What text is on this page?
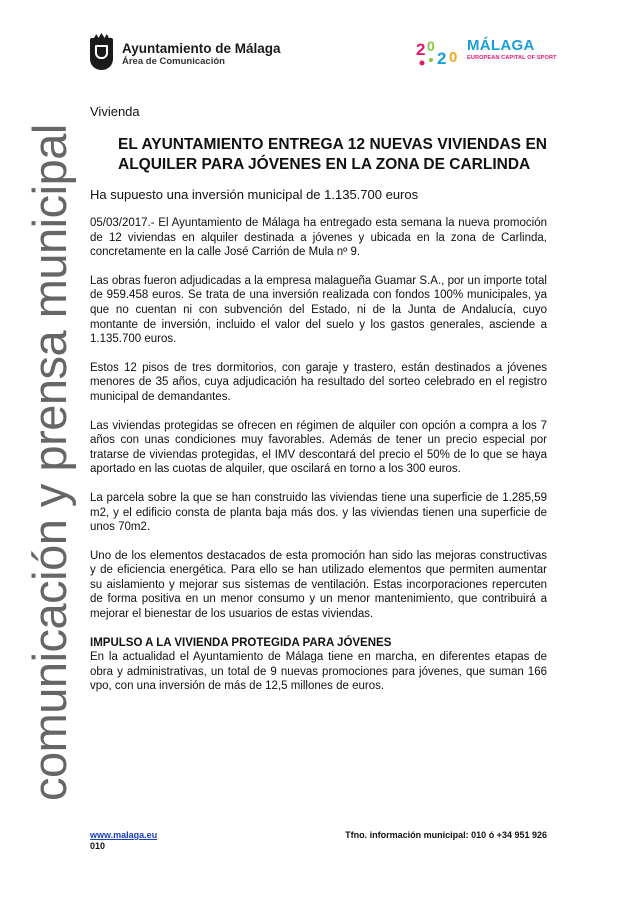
Ayuntamiento de Málaga
Área de Comunicación
2 0
2 0
MÁLAGA
EUROPEAN CAPITAL OF SPORT
comunicación y prensa municipal
Vivienda
EL AYUNTAMIENTO ENTREGA 12 NUEVAS VIVIENDAS EN ALQUILER PARA JÓVENES EN LA ZONA DE CARLINDA
Ha supuesto una inversión municipal de 1.135.700 euros

05/03/2017.- El Ayuntamiento de Málaga ha entregado esta semana la nueva promoción de 12 viviendas en alquiler destinada a jóvenes y ubicada en la zona de Carlinda, concretamente en la calle José Carrión de Mula nº 9.

Las obras fueron adjudicadas a la empresa malagueña Guamar S.A., por un importe total de 959.458 euros. Se trata de una inversión realizada con fondos 100% municipales, ya que no cuentan ni con subvención del Estado, ni de la Junta de Andalucía, cuyo montante de inversión, incluido el valor del suelo y los gastos generales, asciende a 1.135.700 euros.

Estos 12 pisos de tres dormitorios, con garaje y trastero, están destinados a jóvenes menores de 35 años, cuya adjudicación ha resultado del sorteo celebrado en el registro municipal de demandantes.

Las viviendas protegidas se ofrecen en régimen de alquiler con opción a compra a los 7 años con unas condiciones muy favorables. Además de tener un precio especial por tratarse de viviendas protegidas, el IMV descontará del precio el 50% de lo que se haya aportado en las cuotas de alquiler, que oscilará en torno a los 300 euros.

La parcela sobre la que se han construido las viviendas tiene una superficie de 1.285,59 m2, y el edificio consta de planta baja más dos. y las viviendas tienen una superficie de unos 70m2.

Uno de los elementos destacados de esta promoción han sido las mejoras constructivas y de eficiencia energética. Para ello se han utilizado elementos que permiten aumentar su aislamiento y mejorar sus sistemas de ventilación. Estas incorporaciones repercuten de forma positiva en un menor consumo y un menor mantenimiento, que contribuirá a mejorar el bienestar de los usuarios de estas viviendas.

IMPULSO A LA VIVIENDA PROTEGIDA PARA JÓVENES

En la actualidad el Ayuntamiento de Málaga tiene en marcha, en diferentes etapas de obra y administrativas, un total de 9 nuevas promociones para jóvenes, que suman 166 vpo, con una inversión de más de 12,5 millones de euros.

www.malaga.eu	Tfno. información municipal: 010 ó +34 951 926
010
